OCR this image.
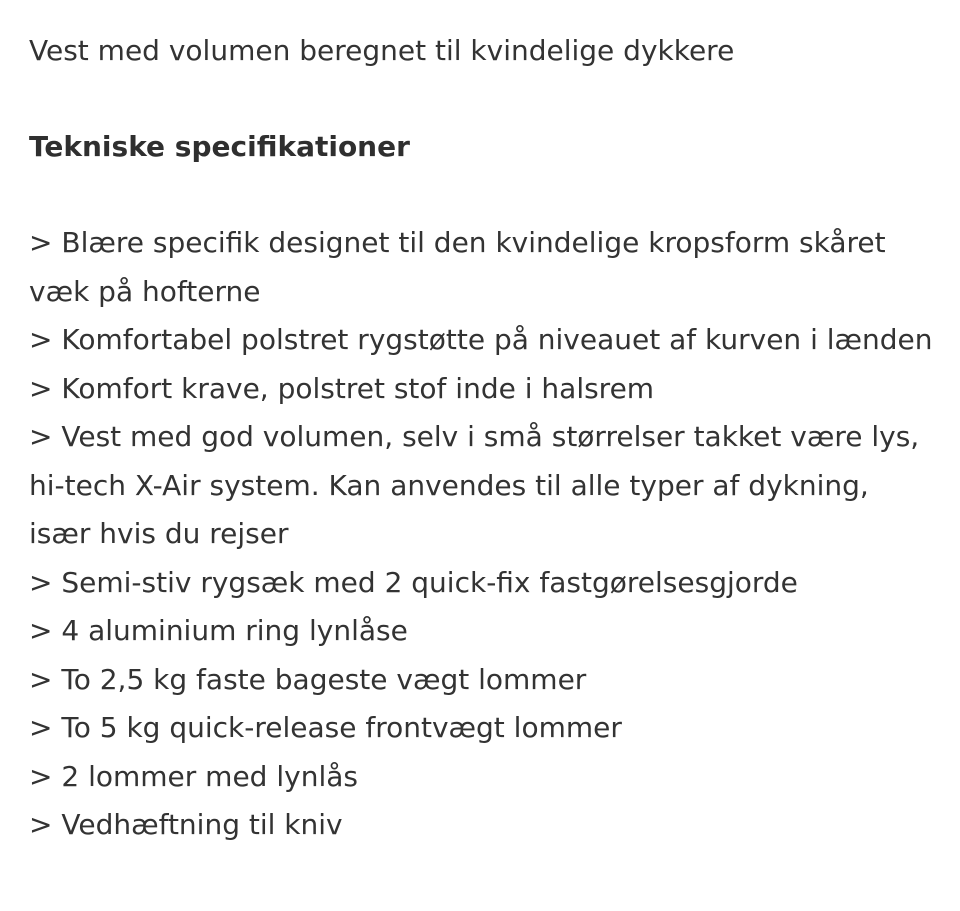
Vest med volumen beregnet til kvindelige dykkere

Tekniske specifikationer

> Blære specifik designet til den kvindelige kropsform skåret væk på hofterne
> Komfortabel polstret rygstøtte på niveauet af kurven i lænden
> Komfort krave, polstret stof inde i halsrem
> Vest med god volumen, selv i små størrelser takket være lys, hi-tech X-Air system. Kan anvendes til alle typer af dykning, især hvis du rejser
> Semi-stiv rygsæk med 2 quick-fix fastgørelsesgjorde
> 4 aluminium ring lynlåse
> To 2,5 kg faste bageste vægt lommer
> To 5 kg quick-release frontvægt lommer
> 2 lommer med lynlås
> Vedhæftning til kniv
